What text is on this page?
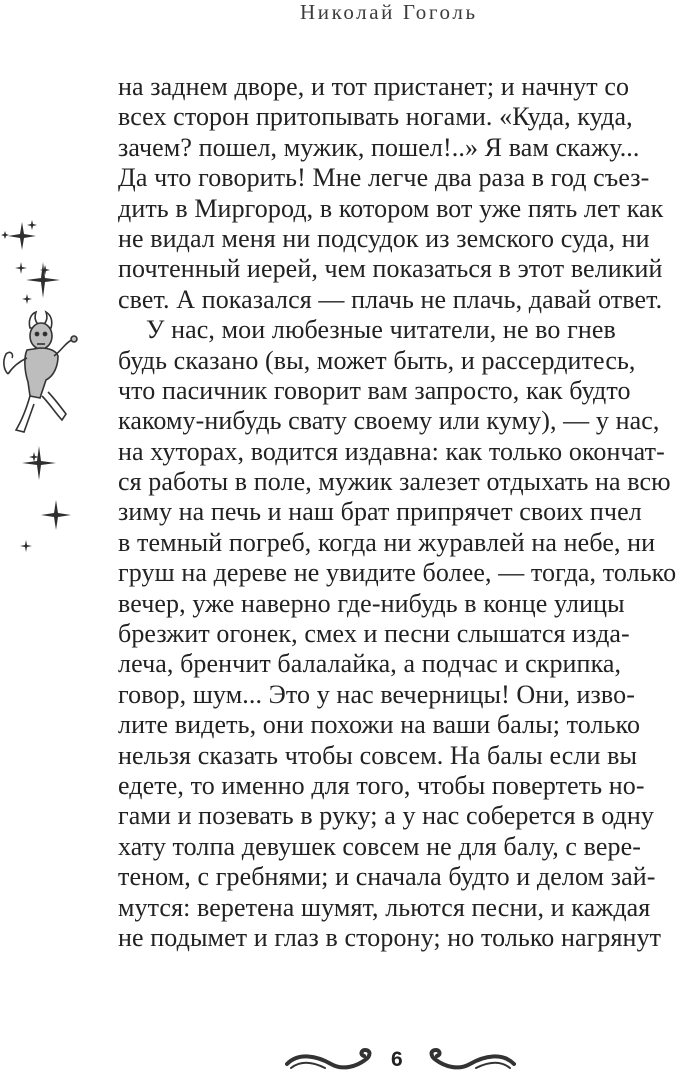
Николай Гоголь
на заднем дворе, и тот пристанет; и начнут со
всех сторон притопывать ногами. «Куда, куда,
зачем? пошел, мужик, пошел!..» Я вам скажу...
Да что говорить! Мне легче два раза в год съез-
дить в Миргород, в котором вот уже пять лет как
не видал меня ни подсудок из земского суда, ни
почтенный иерей, чем показаться в этот великий
свет. А показался — плачь не плачь, давай ответ.
У нас, мои любезные читатели, не во гнев
будь сказано (вы, может быть, и рассердитесь,
что пасичник говорит вам запросто, как будто
какому-нибудь свату своему или куму), — у нас,
на хуторах, водится издавна: как только окончат-
ся работы в поле, мужик залезет отдыхать на всю
зиму на печь и наш брат припрячет своих пчел
в темный погреб, когда ни журавлей на небе, ни
груш на дереве не увидите более, — тогда, только
вечер, уже наверно где-нибудь в конце улицы
брезжит огонек, смех и песни слышатся изда-
леча, бренчит балалайка, а подчас и скрипка,
говор, шум... Это у нас вечерницы! Они, изво-
лите видеть, они похожи на ваши балы; только
нельзя сказать чтобы совсем. На балы если вы
едете, то именно для того, чтобы повертеть но-
гами и позевать в руку; а у нас соберется в одну
хату толпа девушек совсем не для балу, с вере-
теном, с гребнями; и сначала будто и делом зай-
мутся: веретена шумят, льются песни, и каждая
не подымет и глаз в сторону; но только нагрянут
6
